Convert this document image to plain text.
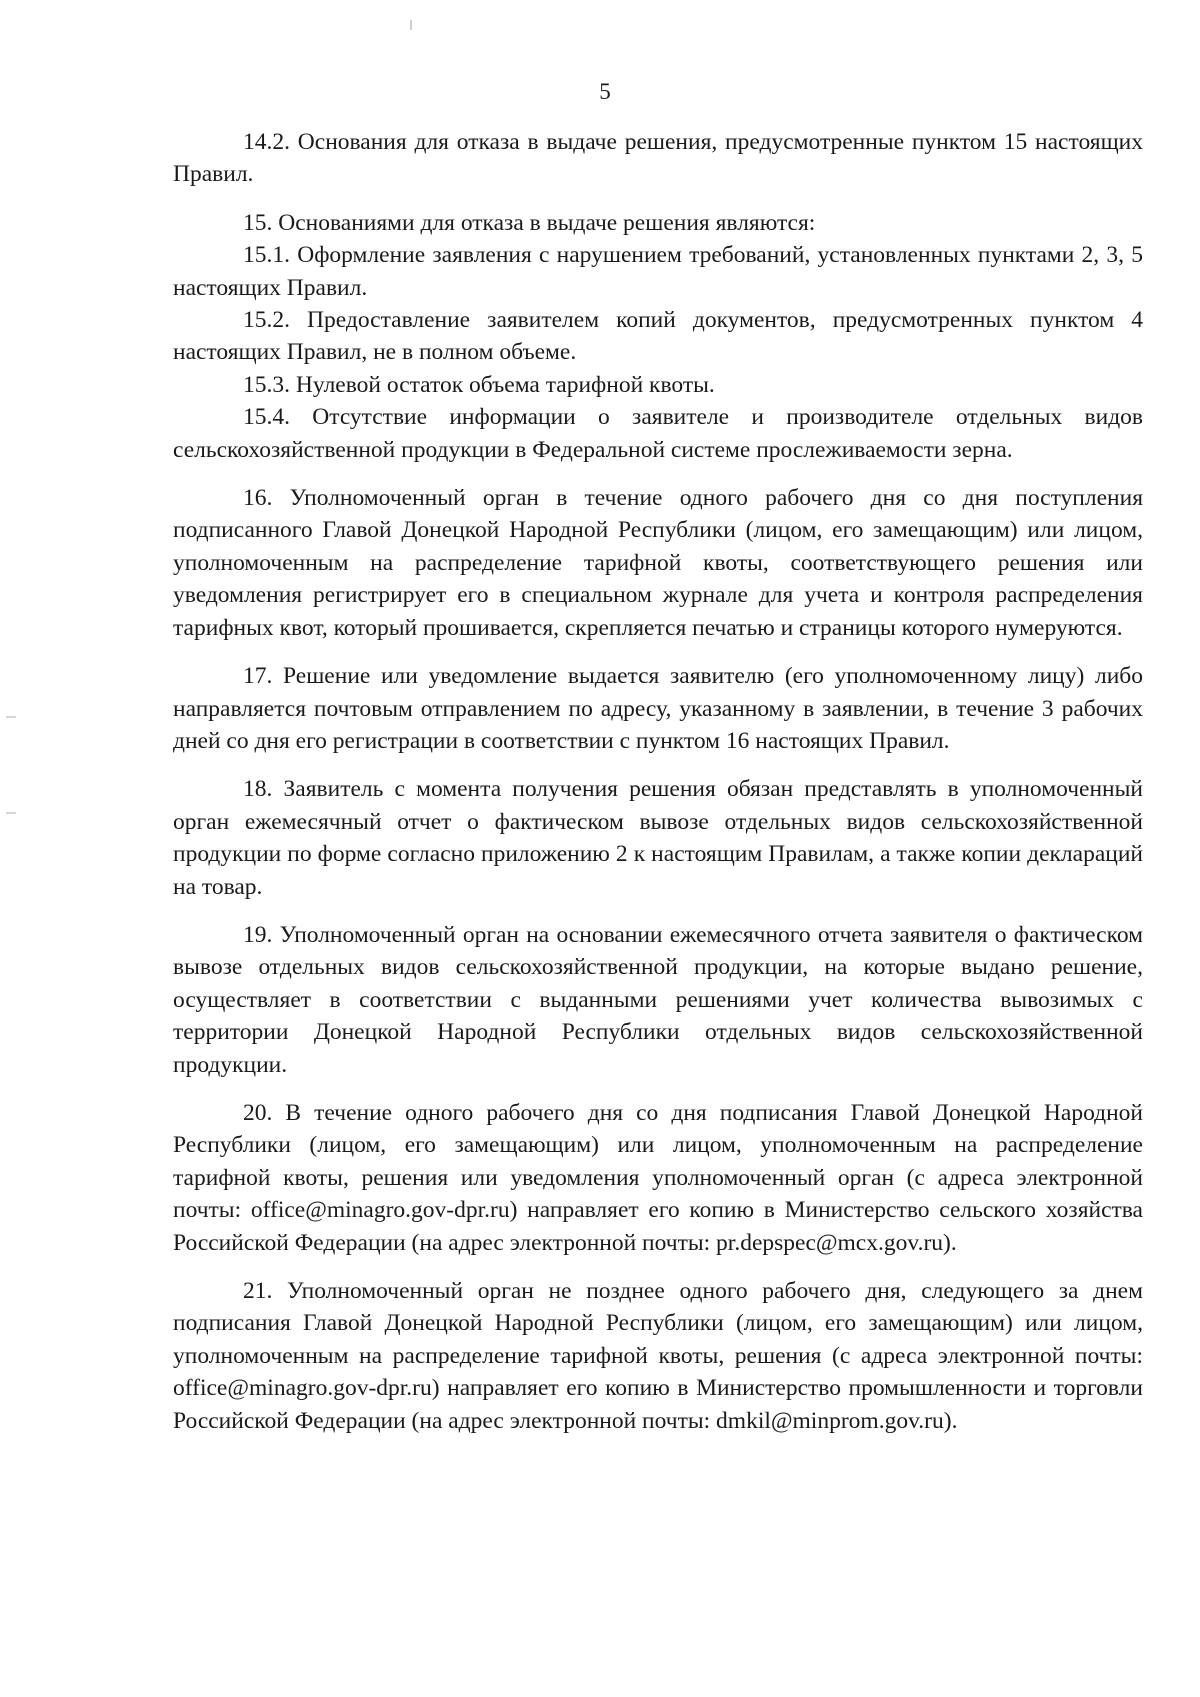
5

14.2. Основания для отказа в выдаче решения, предусмотренные пунктом 15 настоящих Правил.

15. Основаниями для отказа в выдаче решения являются:

15.1. Оформление заявления с нарушением требований, установленных пунктами 2, 3, 5 настоящих Правил.

15.2. Предоставление заявителем копий документов, предусмотренных пунктом 4 настоящих Правил, не в полном объеме.

15.3. Нулевой остаток объема тарифной квоты.

15.4. Отсутствие информации о заявителе и производителе отдельных видов сельскохозяйственной продукции в Федеральной системе прослеживаемости зерна.

16. Уполномоченный орган в течение одного рабочего дня со дня поступления подписанного Главой Донецкой Народной Республики (лицом, его замещающим) или лицом, уполномоченным на распределение тарифной квоты, соответствующего решения или уведомления регистрирует его в специальном журнале для учета и контроля распределения тарифных квот, который прошивается, скрепляется печатью и страницы которого нумеруются.

17. Решение или уведомление выдается заявителю (его уполномоченному лицу) либо направляется почтовым отправлением по адресу, указанному в заявлении, в течение 3 рабочих дней со дня его регистрации в соответствии с пунктом 16 настоящих Правил.

18. Заявитель с момента получения решения обязан представлять в уполномоченный орган ежемесячный отчет о фактическом вывозе отдельных видов сельскохозяйственной продукции по форме согласно приложению 2 к настоящим Правилам, а также копии деклараций на товар.

19. Уполномоченный орган на основании ежемесячного отчета заявителя о фактическом вывозе отдельных видов сельскохозяйственной продукции, на которые выдано решение, осуществляет в соответствии с выданными решениями учет количества вывозимых с территории Донецкой Народной Республики отдельных видов сельскохозяйственной продукции.

20. В течение одного рабочего дня со дня подписания Главой Донецкой Народной Республики (лицом, его замещающим) или лицом, уполномоченным на распределение тарифной квоты, решения или уведомления уполномоченный орган (с адреса электронной почты: office@minagro.gov-dpr.ru) направляет его копию в Министерство сельского хозяйства Российской Федерации (на адрес электронной почты: pr.depspec@mcx.gov.ru).

21. Уполномоченный орган не позднее одного рабочего дня, следующего за днем подписания Главой Донецкой Народной Республики (лицом, его замещающим) или лицом, уполномоченным на распределение тарифной квоты, решения (с адреса электронной почты: office@minagro.gov-dpr.ru) направляет его копию в Министерство промышленности и торговли Российской Федерации (на адрес электронной почты: dmkil@minprom.gov.ru).
